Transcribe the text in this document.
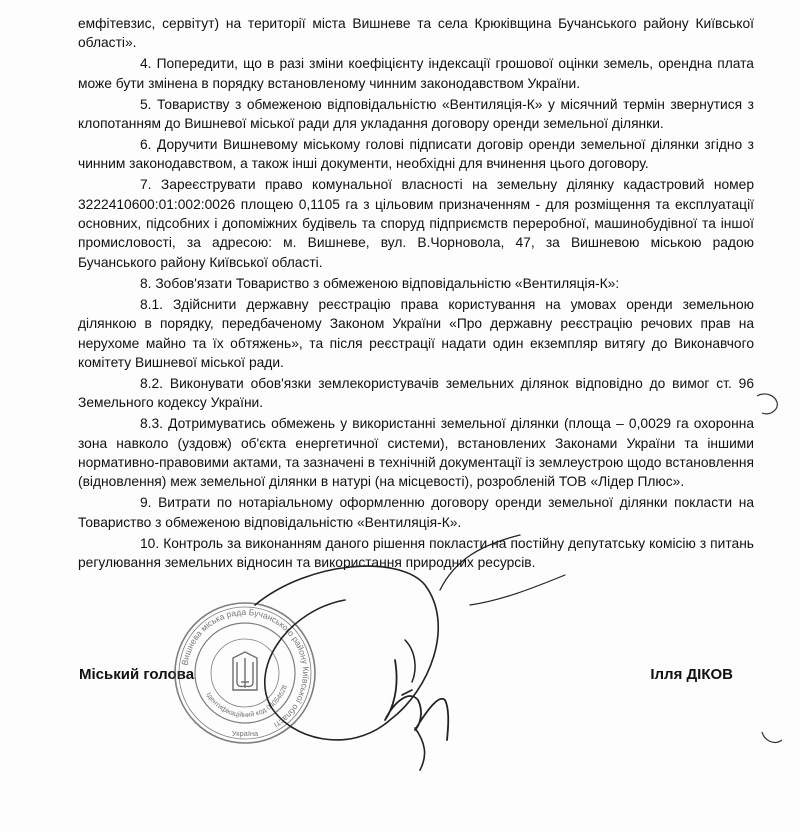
емфітевзис, сервітут) на території міста Вишневе та села Крюківщина Бучанського району Київської області».

4. Попередити, що в разі зміни коефіцієнту індексації грошової оцінки земель, орендна плата може бути змінена в порядку встановленому чинним законодавством України.

5. Товариству з обмеженою відповідальністю «Вентиляція-К» у місячний термін звернутися з клопотанням до Вишневої міської ради для укладання договору оренди земельної ділянки.

6. Доручити Вишневому міському голові підписати договір оренди земельної ділянки згідно з чинним законодавством, а також інші документи, необхідні для вчинення цього договору.

7. Зареєструвати право комунальної власності на земельну ділянку кадастровий номер 3222410600:01:002:0026 площею 0,1105 га з цільовим призначенням - для розміщення та експлуатації основних, підсобних і допоміжних будівель та споруд підприємств переробної, машинобудівної та іншої промисловості, за адресою: м. Вишневе, вул. В.Чорновола, 47, за Вишневою міською радою Бучанського району Київської області.

8. Зобов'язати Товариство з обмеженою відповідальністю «Вентиляція-К»:

8.1. Здійснити державну реєстрацію права користування на умовах оренди земельною ділянкою в порядку, передбаченому Законом України «Про державну реєстрацію речових прав на нерухоме майно та їх обтяжень», та після реєстрації надати один екземпляр витягу до Виконавчого комітету Вишневої міської ради.

8.2. Виконувати обов'язки землекористувачів земельних ділянок відповідно до вимог ст. 96 Земельного кодексу України.

8.3. Дотримуватись обмежень у використанні земельної ділянки (площа – 0,0029 га охоронна зона навколо (уздовж) об'єкта енергетичної системи), встановлених Законами України та іншими нормативно-правовими актами, та зазначені в технічній документації із землеустрою щодо встановлення (відновлення) меж земельної ділянки в натурі (на місцевості), розробленій ТОВ «Лідер Плюс».

9. Витрати по нотаріальному оформленню договору оренди земельної ділянки покласти на Товариство з обмеженою відповідальністю «Вентиляція-К».

10. Контроль за виконанням даного рішення покласти на постійну депутатську комісію з питань регулювання земельних відносин та використання природних ресурсів.

Міський голова	Ілля ДІКОВ
Вишнева міська рада Бучанського району Київської області
Ідентифікаційний код 04054628
Україна
